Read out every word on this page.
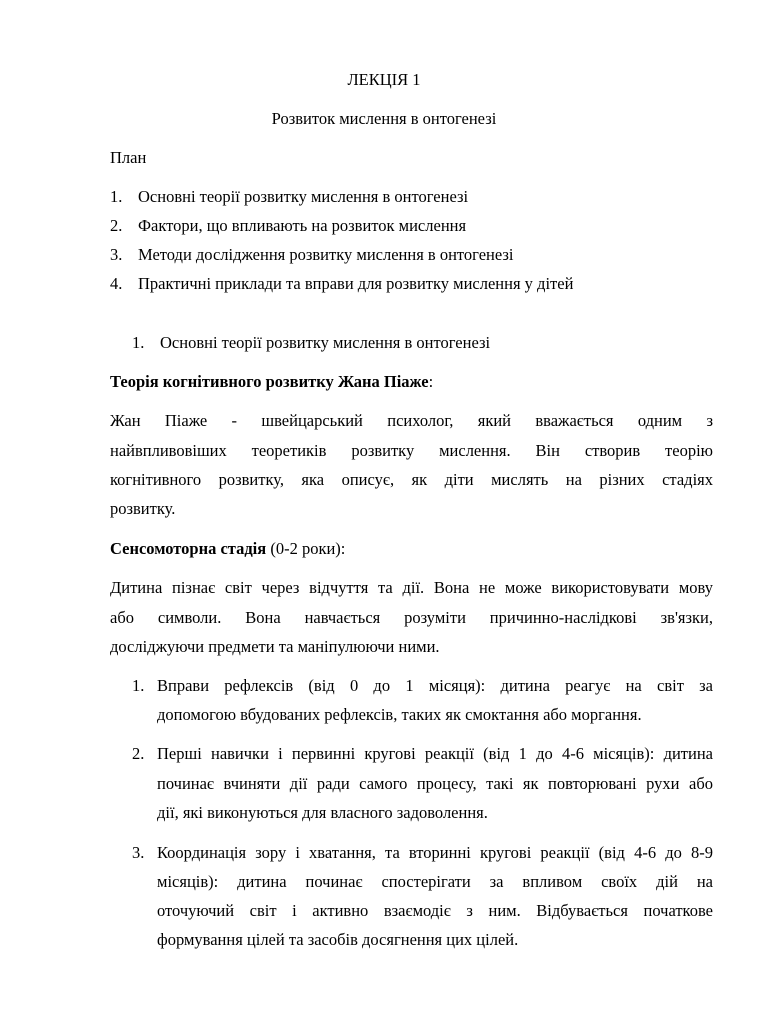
ЛЕКЦІЯ 1
Розвиток мислення в онтогенезі
План
1. Основні теорії розвитку мислення в онтогенезі
2. Фактори, що впливають на розвиток мислення
3. Методи дослідження розвитку мислення в онтогенезі
4. Практичні приклади та вправи для розвитку мислення у дітей
1. Основні теорії розвитку мислення в онтогенезі
Теорія когнітивного розвитку Жана Піаже:
Жан Піаже - швейцарський психолог, який вважається одним з
найвпливовіших теоретиків розвитку мислення. Він створив теорію
когнітивного розвитку, яка описує, як діти мислять на різних стадіях
розвитку.
Сенсомоторна стадія (0-2 роки):
Дитина пізнає світ через відчуття та дії. Вона не може використовувати мову
або символи. Вона навчається розуміти причинно-наслідкові зв'язки,
досліджуючи предмети та маніпулюючи ними.
1. Вправи рефлексів (від 0 до 1 місяця): дитина реагує на світ за
допомогою вбудованих рефлексів, таких як смоктання або моргання.
2. Перші навички і первинні кругові реакції (від 1 до 4-6 місяців): дитина
починає вчиняти дії ради самого процесу, такі як повторювані рухи або
дії, які виконуються для власного задоволення.
3. Координація зору і хватання, та вторинні кругові реакції (від 4-6 до 8-9
місяців): дитина починає спостерігати за впливом своїх дій на
оточуючий світ і активно взаємодіє з ним. Відбувається початкове
формування цілей та засобів досягнення цих цілей.
